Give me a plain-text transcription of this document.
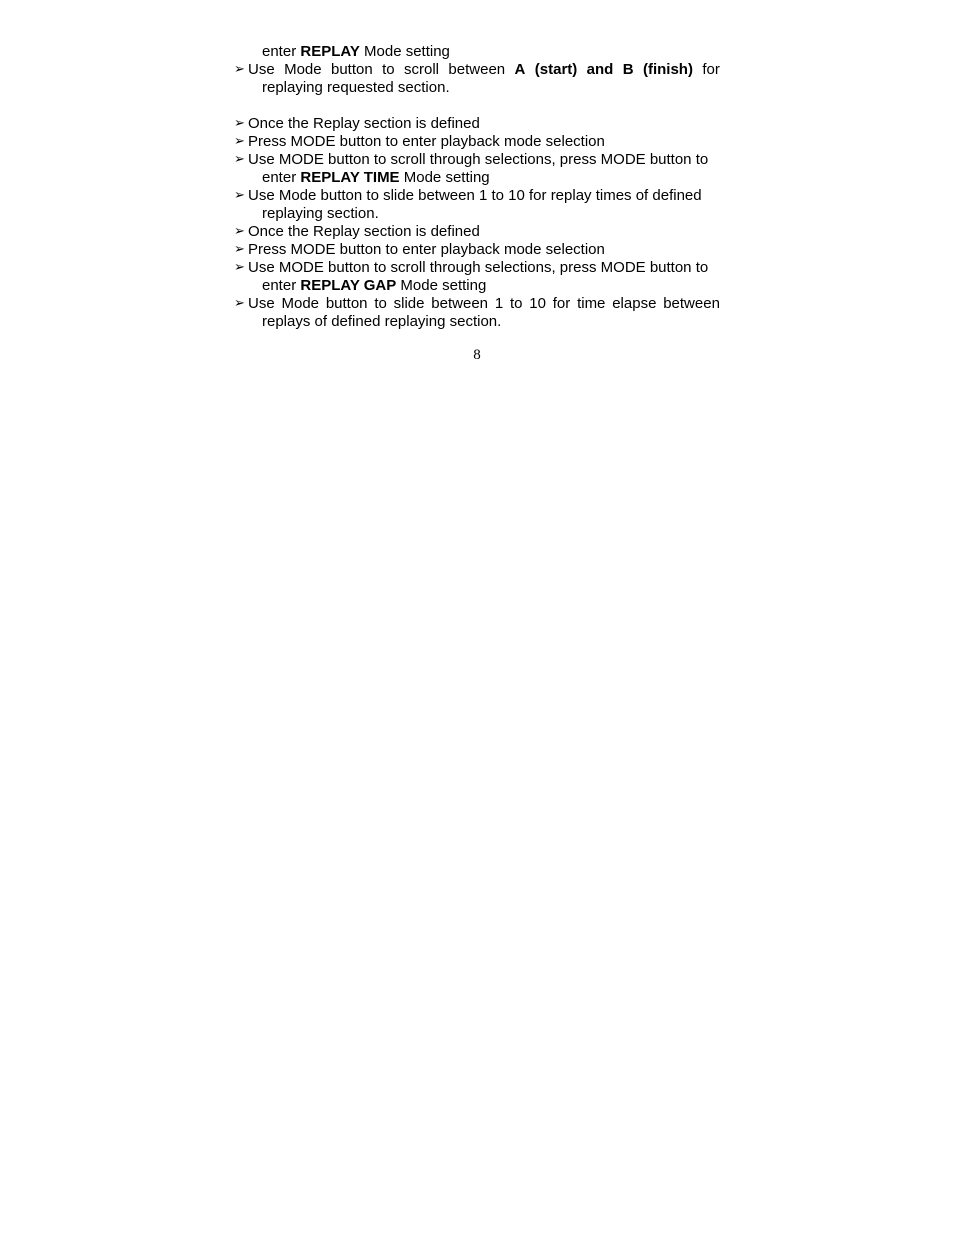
enter REPLAY Mode setting
➢ Use Mode button to scroll between A (start) and B (finish) for
replaying requested section.
➢ Once the Replay section is defined
➢ Press MODE button to enter playback mode selection
➢ Use MODE button to scroll through selections, press MODE button to
enter REPLAY TIME Mode setting
➢ Use Mode button to slide between 1 to 10 for replay times of defined
replaying section.
➢ Once the Replay section is defined
➢ Press MODE button to enter playback mode selection
➢ Use MODE button to scroll through selections, press MODE button to
enter REPLAY GAP Mode setting
➢ Use Mode button to slide between 1 to 10 for time elapse between
replays of defined replaying section.
8
